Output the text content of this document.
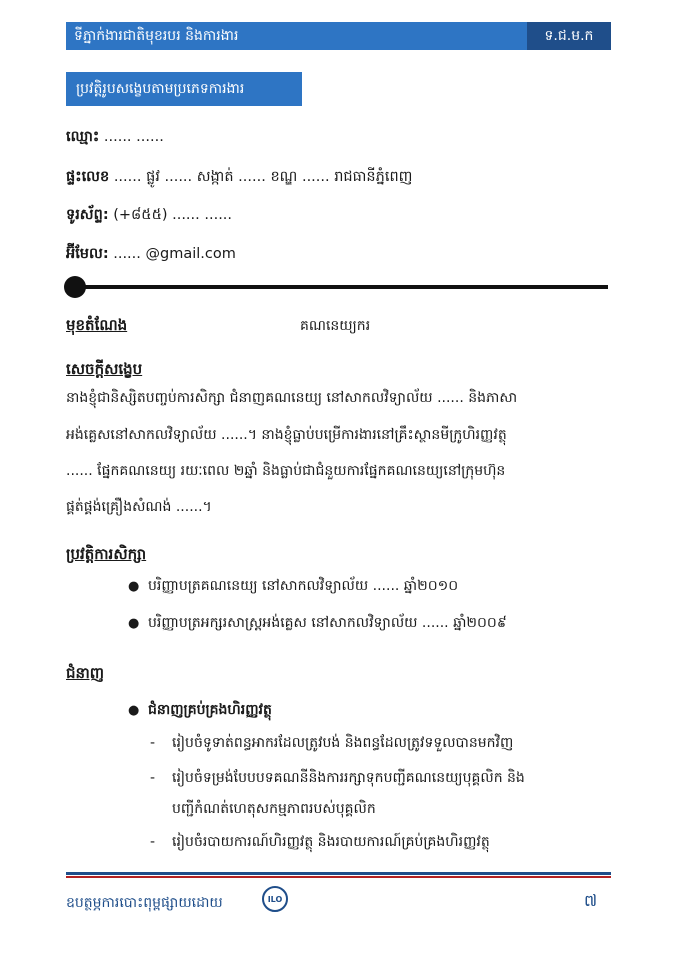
ទីភ្នាក់ងារជាតិមុខរបរ និងការងារ	ទ.ជ.ម.ក
ប្រវត្តិរូបសង្ខេបតាមប្រភេទការងារ
ឈ្មោះ ...... ......
ផ្ទះលេខ ...... ផ្លូវ ...... សង្កាត់ ...... ខណ្ឌ ...... រាជធានីភ្នំពេញ
ទូរស័ព្ទ: (+៨៥៥) ...... ......
អ៊ីមែល: ...... @gmail.com
មុខតំណែង	គណនេយ្យករ
សេចក្តីសង្ខេប
នាងខ្ញុំជានិស្សិតបញ្ចប់ការសិក្សា ជំនាញគណនេយ្យ នៅសាកលវិទ្យាល័យ ...... និងភាសា
អង់គ្លេសនៅសាកលវិទ្យាល័យ ......។ នាងខ្ញុំធ្លាប់បម្រើការងារនៅគ្រឹះស្ថានមីក្រូហិរញ្ញវត្ថុ
...... ផ្នែកគណនេយ្យ រយៈពេល ២ឆ្នាំ និងធ្លាប់ជាជំនួយការផ្នែកគណនេយ្យនៅក្រុមហ៊ុន
ផ្គត់ផ្គង់គ្រឿងសំណង់ ......។
ប្រវត្តិការសិក្សា
● បរិញ្ញាបត្រគណនេយ្យ នៅសាកលវិទ្យាល័យ ...... ឆ្នាំ២០១០
● បរិញ្ញាបត្រអក្សរសាស្ត្រអង់គ្លេស នៅសាកលវិទ្យាល័យ ...... ឆ្នាំ២០០៩
ជំនាញ
● ជំនាញគ្រប់គ្រងហិរញ្ញវត្ថុ
- រៀបចំទូទាត់ពន្ធអាករដែលត្រូវបង់ និងពន្ធដែលត្រូវទទួលបានមកវិញ
- រៀបចំទម្រង់បែបបទគណនីនិងការរក្សាទុកបញ្ជីគណនេយ្យបុគ្គលិក និង
បញ្ជីកំណត់ហេតុសកម្មភាពរបស់បុគ្គលិក
- រៀបចំរបាយការណ៍ហិរញ្ញវត្ថុ និងរបាយការណ៍គ្រប់គ្រងហិរញ្ញវត្ថុ
ឧបត្ថម្ភការបោះពុម្ពផ្សាយដោយ	ILO	៧
